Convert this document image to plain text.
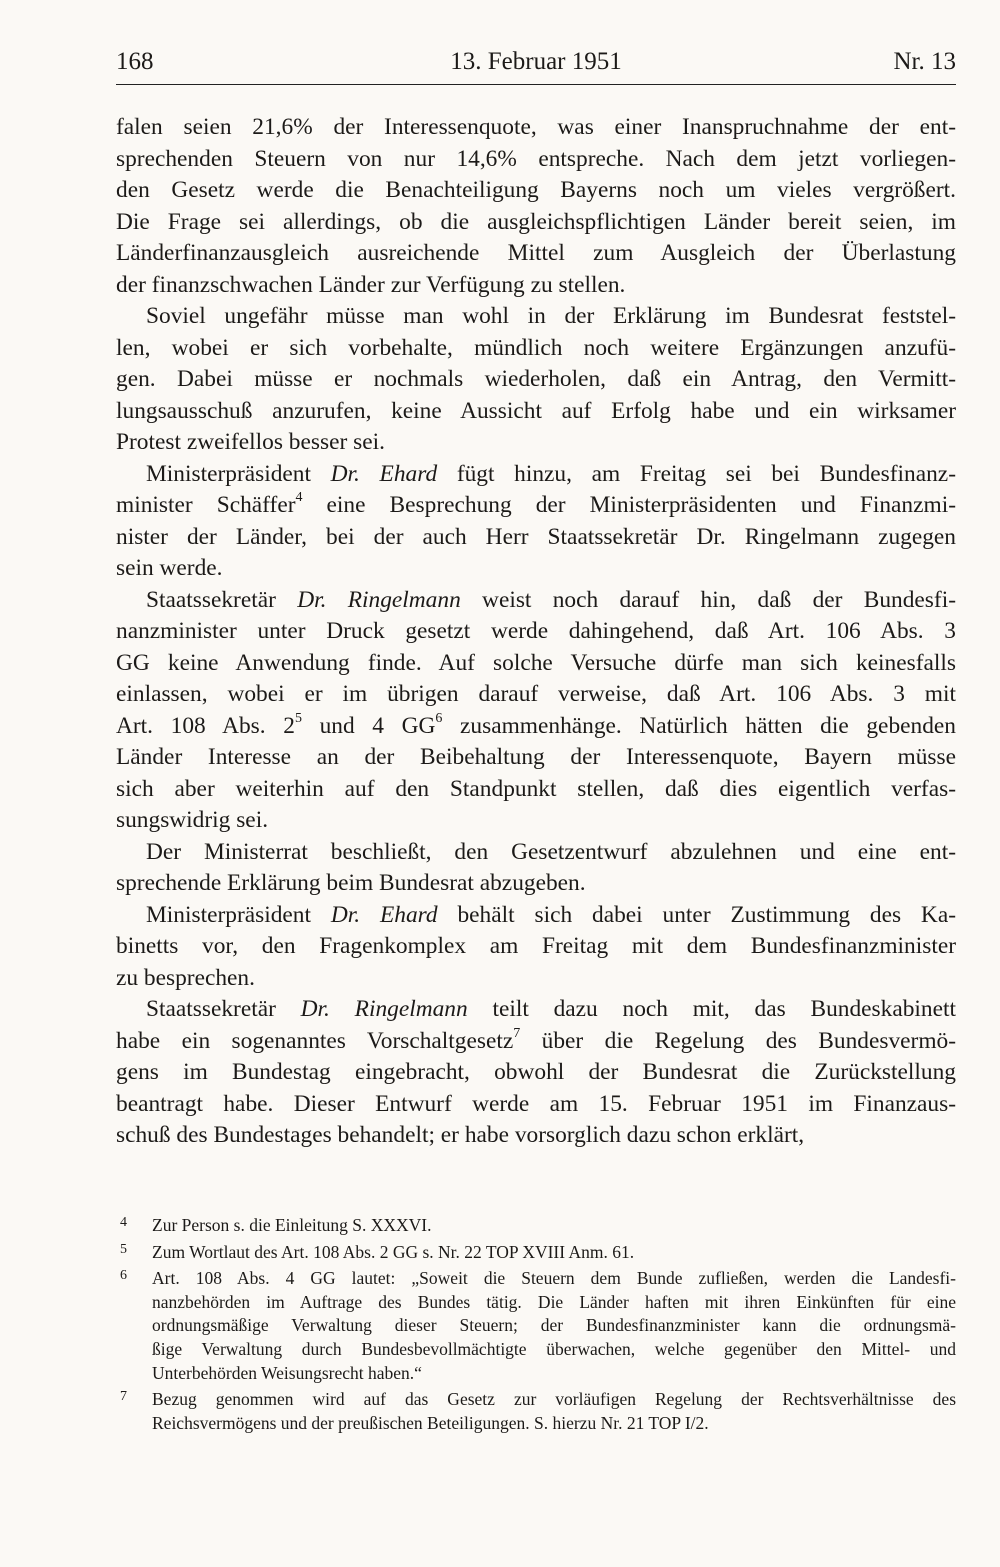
168	13. Februar 1951	Nr. 13
falen seien 21,6% der Interessenquote, was einer Inanspruchnahme der ent-
sprechenden Steuern von nur 14,6% entspreche. Nach dem jetzt vorliegen-
den Gesetz werde die Benachteiligung Bayerns noch um vieles vergrößert.
Die Frage sei allerdings, ob die ausgleichspflichtigen Länder bereit seien, im
Länderfinanzausgleich ausreichende Mittel zum Ausgleich der Überlastung
der finanzschwachen Länder zur Verfügung zu stellen.
Soviel ungefähr müsse man wohl in der Erklärung im Bundesrat feststel-
len, wobei er sich vorbehalte, mündlich noch weitere Ergänzungen anzufü-
gen. Dabei müsse er nochmals wiederholen, daß ein Antrag, den Vermitt-
lungsausschuß anzurufen, keine Aussicht auf Erfolg habe und ein wirksamer
Protest zweifellos besser sei.
Ministerpräsident Dr. Ehard fügt hinzu, am Freitag sei bei Bundesfinanz-
minister Schäffer$^4$ eine Besprechung der Ministerpräsidenten und Finanzmi-
nister der Länder, bei der auch Herr Staatssekretär Dr. Ringelmann zugegen
sein werde.
Staatssekretär Dr. Ringelmann weist noch darauf hin, daß der Bundesfi-
nanzminister unter Druck gesetzt werde dahingehend, daß Art. 106 Abs. 3
GG keine Anwendung finde. Auf solche Versuche dürfe man sich keinesfalls
einlassen, wobei er im übrigen darauf verweise, daß Art. 106 Abs. 3 mit
Art. 108 Abs. $2^5$ und 4 $GG^6$ zusammenhänge. Natürlich hätten die gebenden
Länder Interesse an der Beibehaltung der Interessenquote, Bayern müsse
sich aber weiterhin auf den Standpunkt stellen, daß dies eigentlich verfas-
sungswidrig sei.
Der Ministerrat beschließt, den Gesetzentwurf abzulehnen und eine ent-
sprechende Erklärung beim Bundesrat abzugeben.
Ministerpräsident Dr. Ehard behält sich dabei unter Zustimmung des Ka-
binetts vor, den Fragenkomplex am Freitag mit dem Bundesfinanzminister
zu besprechen.
Staatssekretär Dr. Ringelmann teilt dazu noch mit, das Bundeskabinett
habe ein sogenanntes Vorschaltgesetz$^7$ über die Regelung des Bundesvermö-
gens im Bundestag eingebracht, obwohl der Bundesrat die Zurückstellung
beantragt habe. Dieser Entwurf werde am 15. Februar 1951 im Finanzaus-
schuß des Bundestages behandelt; er habe vorsorglich dazu schon erklärt,
4 Zur Person s. die Einleitung S. XXXVI.
5 Zum Wortlaut des Art. 108 Abs. 2 GG s. Nr. 22 TOP XVIII Anm. 61.
6 Art. 108 Abs. 4 GG lautet: „Soweit die Steuern dem Bunde zufließen, werden die Landesfi-
nanzbehörden im Auftrage des Bundes tätig. Die Länder haften mit ihren Einkünften für eine
ordnungsmäßige Verwaltung dieser Steuern; der Bundesfinanzminister kann die ordnungsmä-
ßige Verwaltung durch Bundesbevollmächtigte überwachen, welche gegenüber den Mittel- und
Unterbehörden Weisungsrecht haben.“
7 Bezug genommen wird auf das Gesetz zur vorläufigen Regelung der Rechtsverhältnisse des
Reichsvermögens und der preußischen Beteiligungen. S. hierzu Nr. 21 TOP I/2.
